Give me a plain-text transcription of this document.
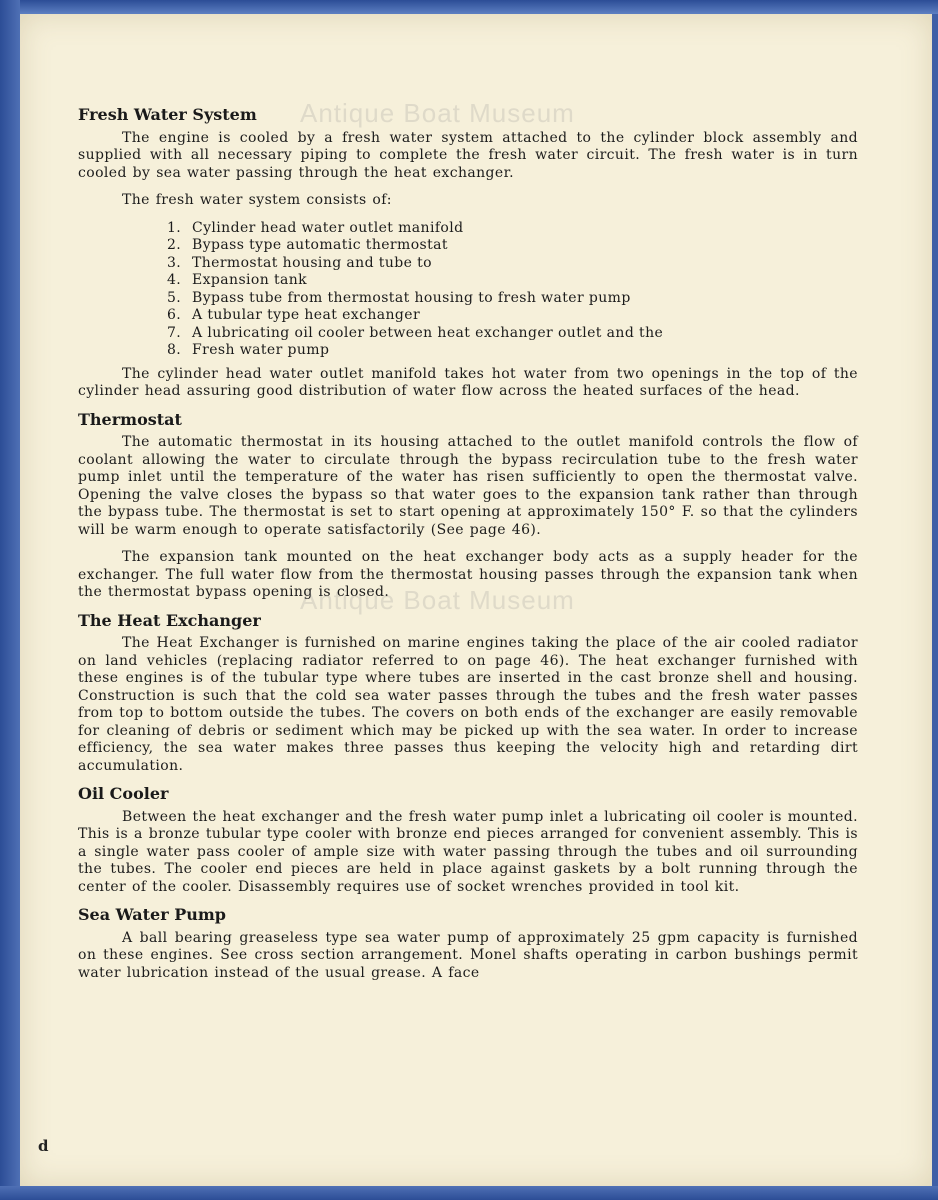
Fresh Water System

The engine is cooled by a fresh water system attached to the cylinder block assembly and supplied with all necessary piping to complete the fresh water circuit. The fresh water is in turn cooled by sea water passing through the heat exchanger.

The fresh water system consists of:

1. Cylinder head water outlet manifold
2. Bypass type automatic thermostat
3. Thermostat housing and tube to
4. Expansion tank
5. Bypass tube from thermostat housing to fresh water pump
6. A tubular type heat exchanger
7. A lubricating oil cooler between heat exchanger outlet and the
8. Fresh water pump

The cylinder head water outlet manifold takes hot water from two openings in the top of the cylinder head assuring good distribution of water flow across the heated surfaces of the head.

Thermostat

The automatic thermostat in its housing attached to the outlet manifold controls the flow of coolant allowing the water to circulate through the bypass recirculation tube to the fresh water pump inlet until the temperature of the water has risen sufficiently to open the thermostat valve. Opening the valve closes the bypass so that water goes to the expansion tank rather than through the bypass tube. The thermostat is set to start opening at approximately 150° F. so that the cylinders will be warm enough to operate satisfactorily (See page 46).

The expansion tank mounted on the heat exchanger body acts as a supply header for the exchanger. The full water flow from the thermostat housing passes through the expansion tank when the thermostat bypass opening is closed.

The Heat Exchanger

The Heat Exchanger is furnished on marine engines taking the place of the air cooled radiator on land vehicles (replacing radiator referred to on page 46). The heat exchanger furnished with these engines is of the tubular type where tubes are inserted in the cast bronze shell and housing. Construction is such that the cold sea water passes through the tubes and the fresh water passes from top to bottom outside the tubes. The covers on both ends of the exchanger are easily removable for cleaning of debris or sediment which may be picked up with the sea water. In order to increase efficiency, the sea water makes three passes thus keeping the velocity high and retarding dirt accumulation.

Oil Cooler

Between the heat exchanger and the fresh water pump inlet a lubricating oil cooler is mounted. This is a bronze tubular type cooler with bronze end pieces arranged for convenient assembly. This is a single water pass cooler of ample size with water passing through the tubes and oil surrounding the tubes. The cooler end pieces are held in place against gaskets by a bolt running through the center of the cooler. Disassembly requires use of socket wrenches provided in tool kit.

Sea Water Pump

A ball bearing greaseless type sea water pump of approximately 25 gpm capacity is furnished on these engines. See cross section arrangement. Monel shafts operating in carbon bushings permit water lubrication instead of the usual grease. A face

Antique Boat Museum
Antique Boat Museum
d
